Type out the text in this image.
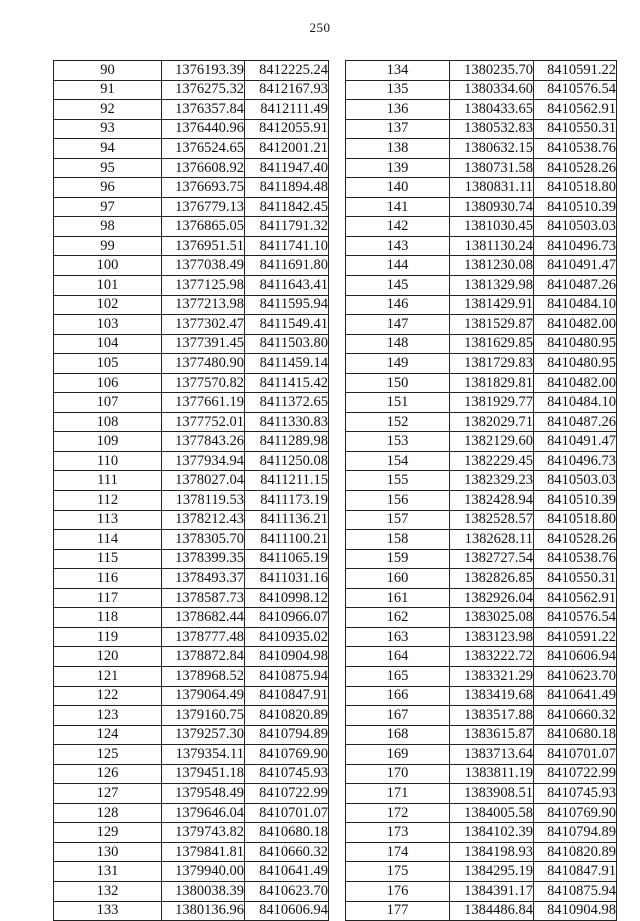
250
90	1376193.39	8412225.24
91	1376275.32	8412167.93
92	1376357.84	8412111.49
93	1376440.96	8412055.91
94	1376524.65	8412001.21
95	1376608.92	8411947.40
96	1376693.75	8411894.48
97	1376779.13	8411842.45
98	1376865.05	8411791.32
99	1376951.51	8411741.10
100	1377038.49	8411691.80
101	1377125.98	8411643.41
102	1377213.98	8411595.94
103	1377302.47	8411549.41
104	1377391.45	8411503.80
105	1377480.90	8411459.14
106	1377570.82	8411415.42
107	1377661.19	8411372.65
108	1377752.01	8411330.83
109	1377843.26	8411289.98
110	1377934.94	8411250.08
111	1378027.04	8411211.15
112	1378119.53	8411173.19
113	1378212.43	8411136.21
114	1378305.70	8411100.21
115	1378399.35	8411065.19
116	1378493.37	8411031.16
117	1378587.73	8410998.12
118	1378682.44	8410966.07
119	1378777.48	8410935.02
120	1378872.84	8410904.98
121	1378968.52	8410875.94
122	1379064.49	8410847.91
123	1379160.75	8410820.89
124	1379257.30	8410794.89
125	1379354.11	8410769.90
126	1379451.18	8410745.93
127	1379548.49	8410722.99
128	1379646.04	8410701.07
129	1379743.82	8410680.18
130	1379841.81	8410660.32
131	1379940.00	8410641.49
132	1380038.39	8410623.70
133	1380136.96	8410606.94
134	1380235.70	8410591.22
135	1380334.60	8410576.54
136	1380433.65	8410562.91
137	1380532.83	8410550.31
138	1380632.15	8410538.76
139	1380731.58	8410528.26
140	1380831.11	8410518.80
141	1380930.74	8410510.39
142	1381030.45	8410503.03
143	1381130.24	8410496.73
144	1381230.08	8410491.47
145	1381329.98	8410487.26
146	1381429.91	8410484.10
147	1381529.87	8410482.00
148	1381629.85	8410480.95
149	1381729.83	8410480.95
150	1381829.81	8410482.00
151	1381929.77	8410484.10
152	1382029.71	8410487.26
153	1382129.60	8410491.47
154	1382229.45	8410496.73
155	1382329.23	8410503.03
156	1382428.94	8410510.39
157	1382528.57	8410518.80
158	1382628.11	8410528.26
159	1382727.54	8410538.76
160	1382826.85	8410550.31
161	1382926.04	8410562.91
162	1383025.08	8410576.54
163	1383123.98	8410591.22
164	1383222.72	8410606.94
165	1383321.29	8410623.70
166	1383419.68	8410641.49
167	1383517.88	8410660.32
168	1383615.87	8410680.18
169	1383713.64	8410701.07
170	1383811.19	8410722.99
171	1383908.51	8410745.93
172	1384005.58	8410769.90
173	1384102.39	8410794.89
174	1384198.93	8410820.89
175	1384295.19	8410847.91
176	1384391.17	8410875.94
177	1384486.84	8410904.98
